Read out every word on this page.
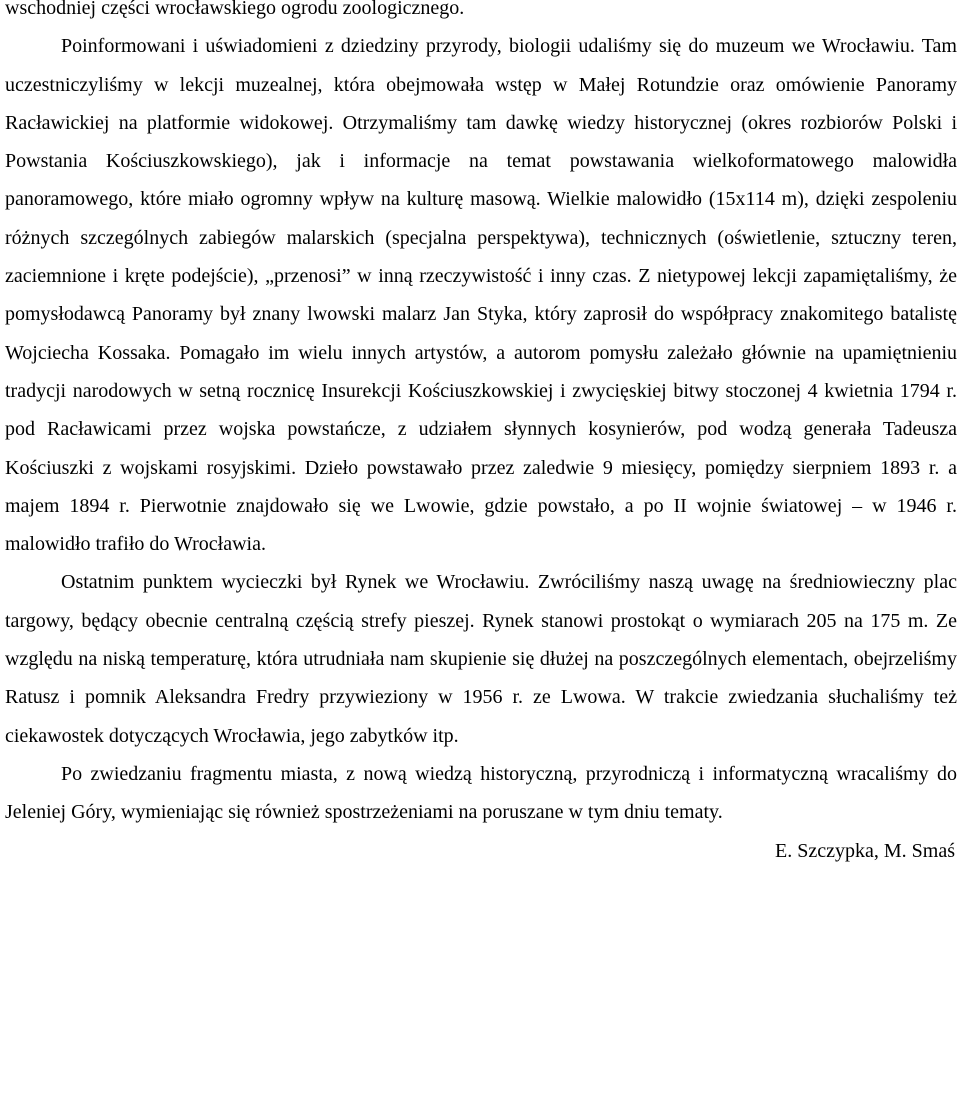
wschodniej części wrocławskiego ogrodu zoologicznego.

Poinformowani i uświadomieni z dziedziny przyrody, biologii udaliśmy się do muzeum we Wrocławiu. Tam uczestniczyliśmy w lekcji muzealnej, która obejmowała wstęp w Małej Rotundzie oraz omówienie Panoramy Racławickiej na platformie widokowej. Otrzymaliśmy tam dawkę wiedzy historycznej (okres rozbiorów Polski i Powstania Kościuszkowskiego), jak i informacje na temat powstawania wielkoformatowego malowidła panoramowego, które miało ogromny wpływ na kulturę masową. Wielkie malowidło (15x114 m), dzięki zespoleniu różnych szczególnych zabiegów malarskich (specjalna perspektywa), technicznych (oświetlenie, sztuczny teren, zaciemnione i kręte podejście), „przenosi” w inną rzeczywistość i inny czas. Z nietypowej lekcji zapamiętaliśmy, że pomysłodawcą Panoramy był znany lwowski malarz Jan Styka, który zaprosił do współpracy znakomitego batalistę Wojciecha Kossaka. Pomagało im wielu innych artystów, a autorom pomysłu zależało głównie na upamiętnieniu tradycji narodowych w setną rocznicę Insurekcji Kościuszkowskiej i zwycięskiej bitwy stoczonej 4 kwietnia 1794 r. pod Racławicami przez wojska powstańcze, z udziałem słynnych kosynierów, pod wodzą generała Tadeusza Kościuszki z wojskami rosyjskimi. Dzieło powstawało przez zaledwie 9 miesięcy, pomiędzy sierpniem 1893 r. a majem 1894 r. Pierwotnie znajdowało się we Lwowie, gdzie powstało, a po II wojnie światowej – w 1946 r. malowidło trafiło do Wrocławia.

Ostatnim punktem wycieczki był Rynek we Wrocławiu. Zwróciliśmy naszą uwagę na średniowieczny plac targowy, będący obecnie centralną częścią strefy pieszej. Rynek stanowi prostokąt o wymiarach 205 na 175 m. Ze względu na niską temperaturę, która utrudniała nam skupienie się dłużej na poszczególnych elementach, obejrzeliśmy Ratusz i pomnik Aleksandra Fredry przywieziony w 1956 r. ze Lwowa. W trakcie zwiedzania słuchaliśmy też ciekawostek dotyczących Wrocławia, jego zabytków itp.

Po zwiedzaniu fragmentu miasta, z nową wiedzą historyczną, przyrodniczą i informatyczną wracaliśmy do Jeleniej Góry, wymieniając się również spostrzeżeniami na poruszane w tym dniu tematy.

E. Szczypka, M. Smaś
